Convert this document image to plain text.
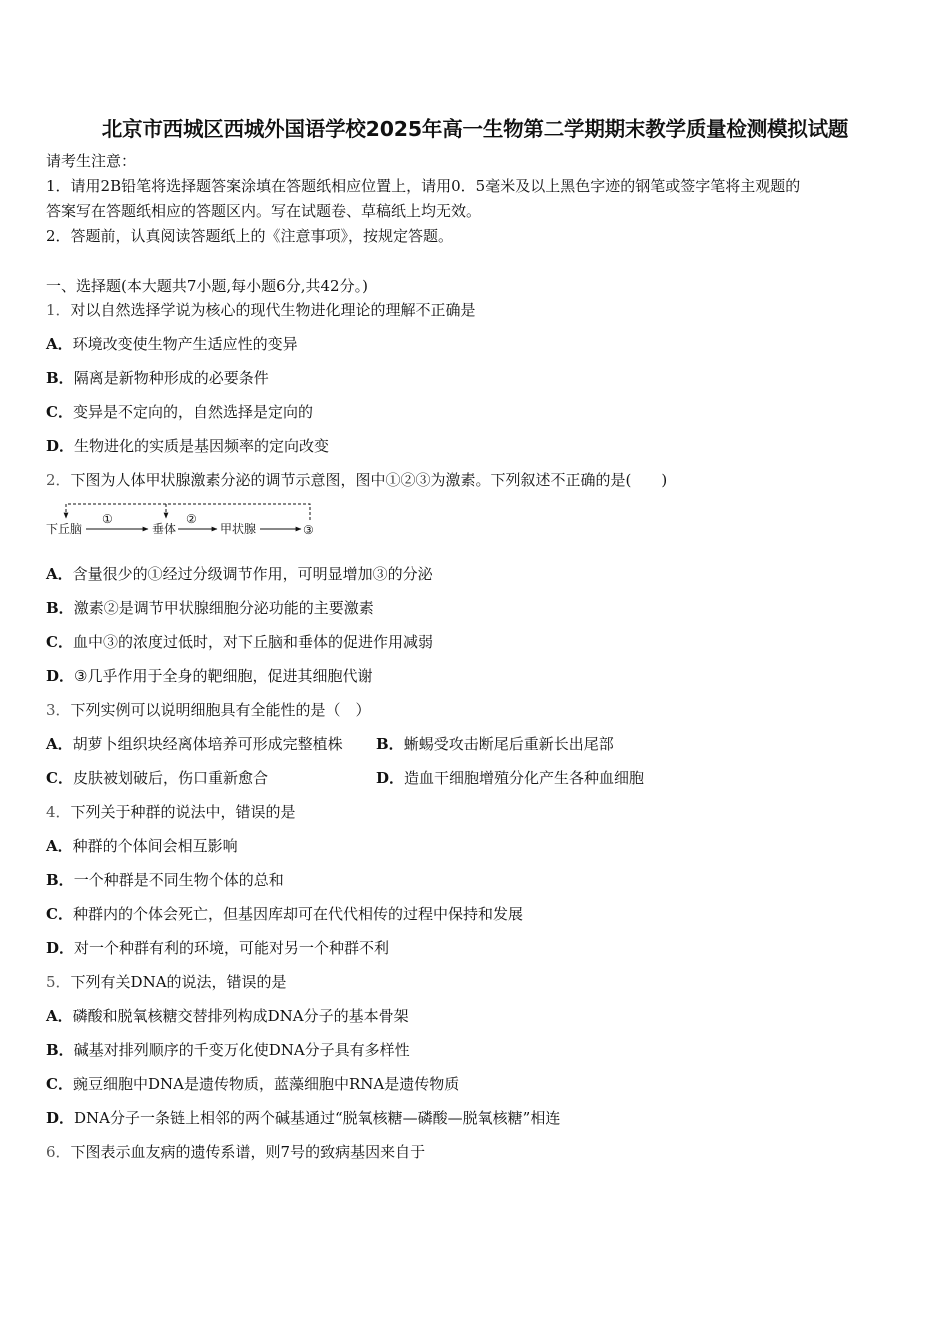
北京市西城区西城外国语学校2025年高一生物第二学期期末教学质量检测模拟试题
请考生注意：
1．请用2B铅笔将选择题答案涂填在答题纸相应位置上，请用0．5毫米及以上黑色字迹的钢笔或签字笔将主观题的
答案写在答题纸相应的答题区内。写在试题卷、草稿纸上均无效。
2．答题前，认真阅读答题纸上的《注意事项》，按规定答题。
一、选择题(本大题共7小题,每小题6分,共42分。)
1．对以自然选择学说为核心的现代生物进化理论的理解不正确是
A．环境改变使生物产生适应性的变异
B．隔离是新物种形成的必要条件
C．变异是不定向的，自然选择是定向的
D．生物进化的实质是基因频率的定向改变
2．下图为人体甲状腺激素分泌的调节示意图，图中①②③为激素。下列叙述不正确的是(　　)
下丘脑	垂体	甲状腺	③
①	②
A．含量很少的①经过分级调节作用，可明显增加③的分泌
B．激素②是调节甲状腺细胞分泌功能的主要激素
C．血中③的浓度过低时，对下丘脑和垂体的促进作用减弱
D．③几乎作用于全身的靶细胞，促进其细胞代谢
3．下列实例可以说明细胞具有全能性的是（　）
A．胡萝卜组织块经离体培养可形成完整植株 B．蜥蜴受攻击断尾后重新长出尾部
C．皮肤被划破后，伤口重新愈合	D．造血干细胞增殖分化产生各种血细胞
4．下列关于种群的说法中，错误的是
A．种群的个体间会相互影响
B．一个种群是不同生物个体的总和
C．种群内的个体会死亡，但基因库却可在代代相传的过程中保持和发展
D．对一个种群有利的环境，可能对另一个种群不利
5．下列有关DNA的说法，错误的是
A．磷酸和脱氧核糖交替排列构成DNA分子的基本骨架
B．碱基对排列顺序的千变万化使DNA分子具有多样性
C．豌豆细胞中DNA是遗传物质，蓝藻细胞中RNA是遗传物质
D．DNA分子一条链上相邻的两个碱基通过“脱氧核糖—磷酸—脱氧核糖”相连
6．下图表示血友病的遗传系谱，则7号的致病基因来自于
